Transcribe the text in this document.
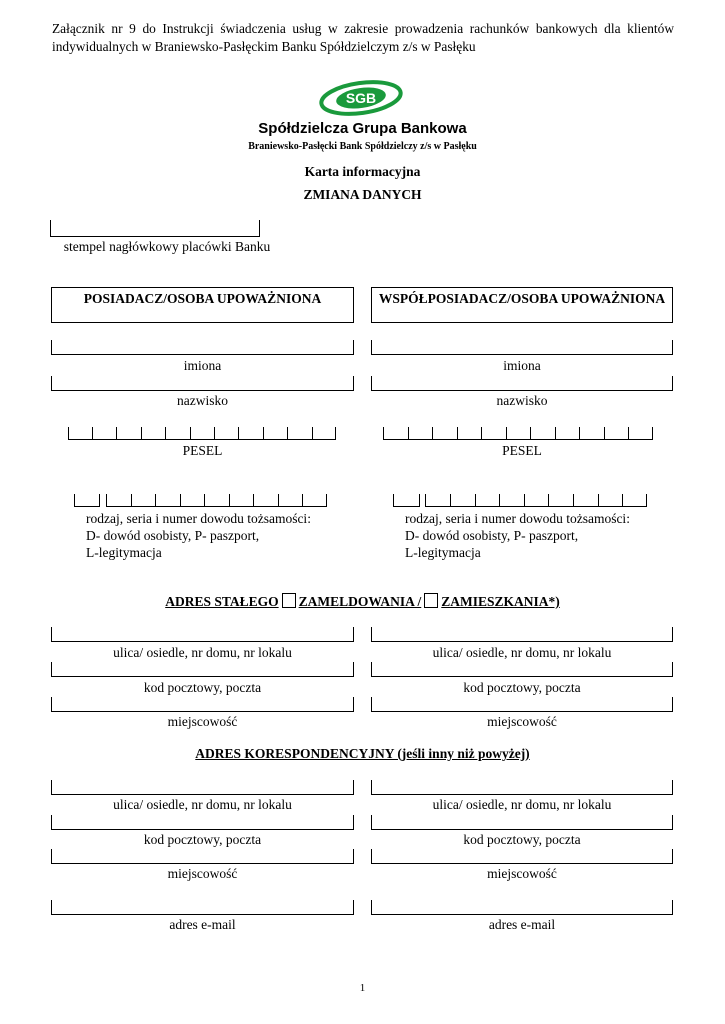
Załącznik nr 9 do Instrukcji świadczenia usług w zakresie prowadzenia rachunków bankowych dla klientów indywidualnych w Braniewsko-Pasłęckim Banku Spółdzielczym z/s w Pasłęku
SGB
Spółdzielcza Grupa Bankowa
Braniewsko-Pasłęcki Bank Spółdzielczy z/s w Pasłęku
Karta informacyjna
ZMIANA DANYCH
stempel nagłówkowy placówki Banku
POSIADACZ/OSOBA UPOWAŻNIONA	WSPÓŁPOSIADACZ/OSOBA UPOWAŻNIONA
imiona
nazwisko
PESEL
rodzaj, seria i numer dowodu tożsamości:
D- dowód osobisty, P- paszport,
L-legitymacja
imiona
nazwisko
PESEL
rodzaj, seria i numer dowodu tożsamości:
D- dowód osobisty, P- paszport,
L-legitymacja
ADRES STAŁEGO ZAMELDOWANIA / ZAMIESZKANIA*)
ulica/ osiedle, nr domu, nr lokalu
kod pocztowy, poczta
miejscowość
ulica/ osiedle, nr domu, nr lokalu
kod pocztowy, poczta
miejscowość
ADRES KORESPONDENCYJNY (jeśli inny niż powyżej)
ulica/ osiedle, nr domu, nr lokalu
kod pocztowy, poczta
miejscowość
adres e-mail
ulica/ osiedle, nr domu, nr lokalu
kod pocztowy, poczta
miejscowość
adres e-mail
1
